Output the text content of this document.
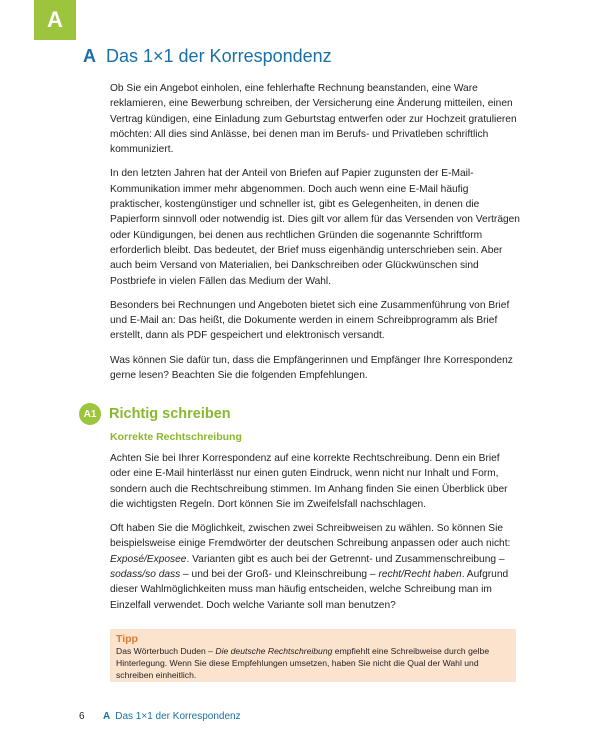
A
A Das 1×1 der Korrespondenz

Ob Sie ein Angebot einholen, eine fehlerhafte Rechnung beanstanden, eine Ware reklamieren, eine Bewerbung schreiben, der Versicherung eine Änderung mitteilen, einen Vertrag kündigen, eine Einladung zum Geburtstag entwerfen oder zur Hochzeit gratulieren möchten: All dies sind Anlässe, bei denen man im Berufs- und Privatleben schriftlich kommuniziert.

In den letzten Jahren hat der Anteil von Briefen auf Papier zugunsten der E-Mail-Kommunikation immer mehr abgenommen. Doch auch wenn eine E-Mail häufig praktischer, kostengünstiger und schneller ist, gibt es Gelegenheiten, in denen die Papierform sinnvoll oder notwendig ist. Dies gilt vor allem für das Versenden von Verträgen oder Kündigungen, bei denen aus rechtlichen Gründen die sogenannte Schriftform erforderlich bleibt. Das bedeutet, der Brief muss eigenhändig unterschrieben sein. Aber auch beim Versand von Materialien, bei Dankschreiben oder Glückwünschen sind Postbriefe in vielen Fällen das Medium der Wahl.

Besonders bei Rechnungen und Angeboten bietet sich eine Zusammenführung von Brief und E-Mail an: Das heißt, die Dokumente werden in einem Schreibprogramm als Brief erstellt, dann als PDF gespeichert und elektronisch versandt.

Was können Sie dafür tun, dass die Empfängerinnen und Empfänger Ihre Korrespondenz gerne lesen? Beachten Sie die folgenden Empfehlungen.

A1 Richtig schreiben
Korrekte Rechtschreibung

Achten Sie bei Ihrer Korrespondenz auf eine korrekte Rechtschreibung. Denn ein Brief oder eine E-Mail hinterlässt nur einen guten Eindruck, wenn nicht nur Inhalt und Form, sondern auch die Rechtschreibung stimmen. Im Anhang finden Sie einen Überblick über die wichtigsten Regeln. Dort können Sie im Zweifelsfall nachschlagen.

Oft haben Sie die Möglichkeit, zwischen zwei Schreibweisen zu wählen. So können Sie beispielsweise einige Fremdwörter der deutschen Schreibung anpassen oder auch nicht: Exposé/Exposee. Varianten gibt es auch bei der Getrennt- und Zusammenschreibung – sodass/so dass – und bei der Groß- und Kleinschreibung – recht/Recht haben. Aufgrund dieser Wahlmöglichkeiten muss man häufig entscheiden, welche Schreibung man im Einzelfall verwendet. Doch welche Variante soll man benutzen?

Tipp

Das Wörterbuch Duden – Die deutsche Rechtschreibung empfiehlt eine Schreibweise durch gelbe Hinterlegung. Wenn Sie diese Empfehlungen umsetzen, haben Sie nicht die Qual der Wahl und schreiben einheitlich.

6	A Das 1×1 der Korrespondenz
